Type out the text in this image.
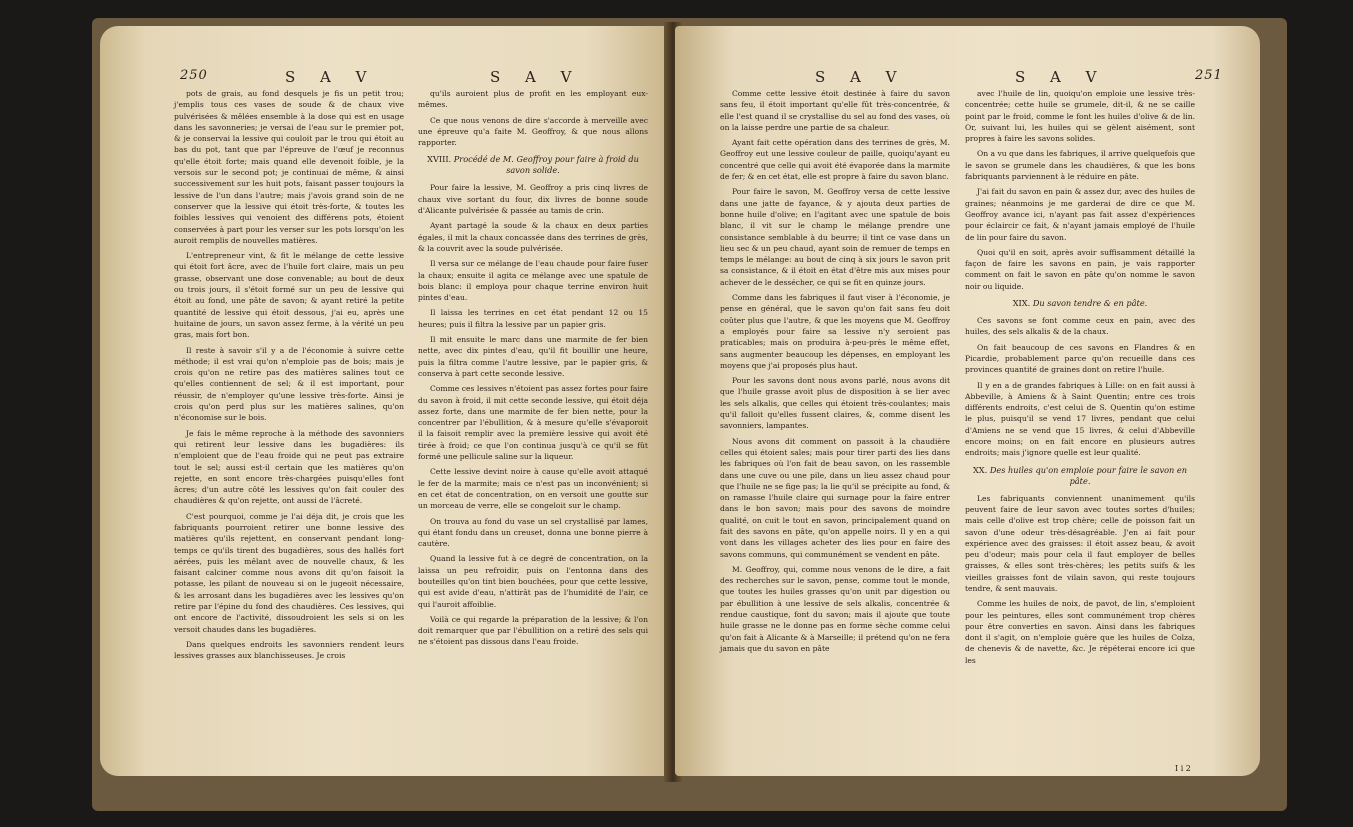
250	S A V	S A V

pots de grais, au fond desquels je fis un petit trou; j'emplis tous ces vases de soude & de chaux vive pulvérisées & mêlées ensemble à la dose qui est en usage dans les savonneries; je versai de l'eau sur le premier pot, & je conservai la lessive qui couloit par le trou qui étoit au bas du pot, tant que par l'épreuve de l'œuf je reconnus qu'elle étoit forte; mais quand elle devenoit foible, je la versois sur le second pot; je continuai de même, & ainsi successivement sur les huit pots, faisant passer toujours la lessive de l'un dans l'autre; mais j'avois grand soin de ne conserver que la lessive qui étoit très-forte, & toutes les foibles lessives qui venoient des différens pots, étoient conservées à part pour les verser sur les pots lorsqu'on les auroit remplis de nouvelles matières.

L'entrepreneur vint, & fit le mélange de cette lessive qui étoit fort âcre, avec de l'huile fort claire, mais un peu grasse, observant une dose convenable; au bout de deux ou trois jours, il s'étoit formé sur un peu de lessive qui étoit au fond, une pâte de savon; & ayant retiré la petite quantité de lessive qui étoit dessous, j'ai eu, après une huitaine de jours, un savon assez ferme, à la vérité un peu gras, mais fort bon.

Il reste à savoir s'il y a de l'économie à suivre cette méthode; il est vrai qu'on n'emploie pas de bois; mais je crois qu'on ne retire pas des matières salines tout ce qu'elles contiennent de sel; & il est important, pour réussir, de n'employer qu'une lessive très-forte. Ainsi je crois qu'on perd plus sur les matières salines, qu'on n'économise sur le bois.

Je fais le même reproche à la méthode des savonniers qui retirent leur lessive dans les bugadières: ils n'emploient que de l'eau froide qui ne peut pas extraire tout le sel; aussi est-il certain que les matières qu'on rejette, en sont encore très-chargées puisqu'elles font âcres; d'un autre côté les lessives qu'on fait couler des chaudières & qu'on rejette, ont aussi de l'âcreté.

C'est pourquoi, comme je l'ai déja dit, je crois que les fabriquants pourroient retirer une bonne lessive des matières qu'ils rejettent, en conservant pendant long-temps ce qu'ils tirent des bugadières, sous des hallés fort aérées, puis les mêlant avec de nouvelle chaux, & les faisant calciner comme nous avons dit qu'on faisoit la potasse, les pilant de nouveau si on le jugeoit nécessaire, & les arrosant dans les bugadières avec les lessives qu'on retire par l'épine du fond des chaudières. Ces lessives, qui ont encore de l'activité, dissoudroient les sels si on les versoit chaudes dans les bugadières.

Dans quelques endroits les savonniers rendent leurs lessives grasses aux blanchisseuses. Je crois

qu'ils auroient plus de profit en les employant eux-mêmes.

Ce que nous venons de dire s'accorde à merveille avec une épreuve qu'a faite M. Geoffroy, & que nous allons rapporter.

XVIII. Procédé de M. Geoffroy pour faire à froid du savon solide.

Pour faire la lessive, M. Geoffroy a pris cinq livres de chaux vive sortant du four, dix livres de bonne soude d'Alicante pulvérisée & passée au tamis de crin.

Ayant partagé la soude & la chaux en deux parties égales, il mit la chaux concassée dans des terrines de grès, & la couvrit avec la soude pulvérisée.

Il versa sur ce mélange de l'eau chaude pour faire fuser la chaux; ensuite il agita ce mélange avec une spatule de bois blanc: il employa pour chaque terrine environ huit pintes d'eau.

Il laissa les terrines en cet état pendant 12 ou 15 heures; puis il filtra la lessive par un papier gris.

Il mit ensuite le marc dans une marmite de fer bien nette, avec dix pintes d'eau, qu'il fit bouillir une heure, puis la filtra comme l'autre lessive, par le papier gris, & conserva à part cette seconde lessive.

Comme ces lessives n'étoient pas assez fortes pour faire du savon à froid, il mit cette seconde lessive, qui étoit déja assez forte, dans une marmite de fer bien nette, pour la concentrer par l'ébullition, & à mesure qu'elle s'évaporoit il la faisoit remplir avec la première lessive qui avoit été tirée à froid; ce que l'on continua jusqu'à ce qu'il se fût formé une pellicule saline sur la liqueur.

Cette lessive devint noire à cause qu'elle avoit attaqué le fer de la marmite; mais ce n'est pas un inconvénient; si en cet état de concentration, on en versoit une goutte sur un morceau de verre, elle se congeloit sur le champ.

On trouva au fond du vase un sel crystallisé par lames, qui étant fondu dans un creuset, donna une bonne pierre à cautère.

Quand la lessive fut à ce degré de concentration, on la laissa un peu refroidir, puis on l'entonna dans des bouteilles qu'on tint bien bouchées, pour que cette lessive, qui est avide d'eau, n'attirât pas de l'humidité de l'air, ce qui l'auroit affoiblie.

Voilà ce qui regarde la préparation de la lessive; & l'on doit remarquer que par l'ébullition on a retiré des sels qui ne s'étoient pas dissous dans l'eau froide.

S A V	S A V	251

Comme cette lessive étoit destinée à faire du savon sans feu, il étoit important qu'elle fût très-concentrée, & elle l'est quand il se crystallise du sel au fond des vases, où on la laisse perdre une partie de sa chaleur.

Ayant fait cette opération dans des terrines de grès, M. Geoffroy eut une lessive couleur de paille, quoiqu'ayant eu concentré que celle qui avoit été évaporée dans la marmite de fer; & en cet état, elle est propre à faire du savon blanc.

Pour faire le savon, M. Geoffroy versa de cette lessive dans une jatte de fayance, & y ajouta deux parties de bonne huile d'olive; en l'agitant avec une spatule de bois blanc, il vit sur le champ le mélange prendre une consistance semblable à du beurre; il tint ce vase dans un lieu sec & un peu chaud, ayant soin de remuer de temps en temps le mélange: au bout de cinq à six jours le savon prit sa consistance, & il étoit en état d'être mis aux mises pour achever de le dessécher, ce qui se fit en quinze jours.

Comme dans les fabriques il faut viser à l'économie, je pense en général, que le savon qu'on fait sans feu doit coûter plus que l'autre, & que les moyens que M. Geoffroy a employés pour faire sa lessive n'y seroient pas praticables; mais on produira à-peu-près le même effet, sans augmenter beaucoup les dépenses, en employant les moyens que j'ai proposés plus haut.

Pour les savons dont nous avons parlé, nous avons dit que l'huile grasse avoit plus de disposition à se lier avec les sels alkalis, que celles qui étoient très-coulantes; mais qu'il falloit qu'elles fussent claires, &, comme disent les savonniers, lampantes.

Nous avons dit comment on passoit à la chaudière celles qui étoient sales; mais pour tirer parti des lies dans les fabriques où l'on fait de beau savon, on les rassemble dans une cuve ou une pile, dans un lieu assez chaud pour que l'huile ne se fige pas; la lie qu'il se précipite au fond, & on ramasse l'huile claire qui surnage pour la faire entrer dans le bon savon; mais pour des savons de moindre qualité, on cuit le tout en savon, principalement quand on fait des savons en pâte, qu'on appelle noirs. Il y en a qui vont dans les villages acheter des lies pour en faire des savons communs, qui communément se vendent en pâte.

M. Geoffroy, qui, comme nous venons de le dire, a fait des recherches sur le savon, pense, comme tout le monde, que toutes les huiles grasses qu'on unit par digestion ou par ébullition à une lessive de sels alkalis, concentrée & rendue caustique, font du savon; mais il ajoute que toute huile grasse ne le donne pas en forme sèche comme celui qu'on fait à Alicante & à Marseille; il prétend qu'on ne fera jamais que du savon en pâte

avec l'huile de lin, quoiqu'on emploie une lessive très-concentrée; cette huile se grumele, dit-il, & ne se caille point par le froid, comme le font les huiles d'olive & de lin. Or, suivant lui, les huiles qui se gèlent aisément, sont propres à faire les savons solides.

On a vu que dans les fabriques, il arrive quelquefois que le savon se grumele dans les chaudières, & que les bons fabriquants parviennent à le réduire en pâte.

J'ai fait du savon en pain & assez dur, avec des huiles de graines; néanmoins je me garderai de dire ce que M. Geoffroy avance ici, n'ayant pas fait assez d'expériences pour éclaircir ce fait, & n'ayant jamais employé de l'huile de lin pour faire du savon.

Quoi qu'il en soit, après avoir suffisamment détaillé la façon de faire les savons en pain, je vais rapporter comment on fait le savon en pâte qu'on nomme le savon noir ou liquide.

XIX. Du savon tendre & en pâte.

Ces savons se font comme ceux en pain, avec des huiles, des sels alkalis & de la chaux.

On fait beaucoup de ces savons en Flandres & en Picardie, probablement parce qu'on recueille dans ces provinces quantité de graines dont on retire l'huile.

Il y en a de grandes fabriques à Lille: on en fait aussi à Abbeville, à Amiens & à Saint Quentin; entre ces trois différents endroits, c'est celui de S. Quentin qu'on estime le plus, puisqu'il se vend 17 livres, pendant que celui d'Amiens ne se vend que 15 livres, & celui d'Abbeville encore moins; on en fait encore en plusieurs autres endroits; mais j'ignore quelle est leur qualité.

XX. Des huiles qu'on emploie pour faire le savon en pâte.

Les fabriquants conviennent unanimement qu'ils peuvent faire de leur savon avec toutes sortes d'huiles; mais celle d'olive est trop chère; celle de poisson fait un savon d'une odeur très-désagréable. J'en ai fait pour expérience avec des graisses: il étoit assez beau, & avoit peu d'odeur; mais pour cela il faut employer de belles graisses, & elles sont très-chères; les petits suifs & les vieilles graisses font de vilain savon, qui reste toujours tendre, & sent mauvais.

Comme les huiles de noix, de pavot, de lin, s'emploient pour les peintures, elles sont communément trop chères pour être converties en savon. Ainsi dans les fabriques dont il s'agit, on n'emploie guère que les huiles de Colza, de chenevis & de navette, &c. Je répéterai encore ici que les

I i 2
